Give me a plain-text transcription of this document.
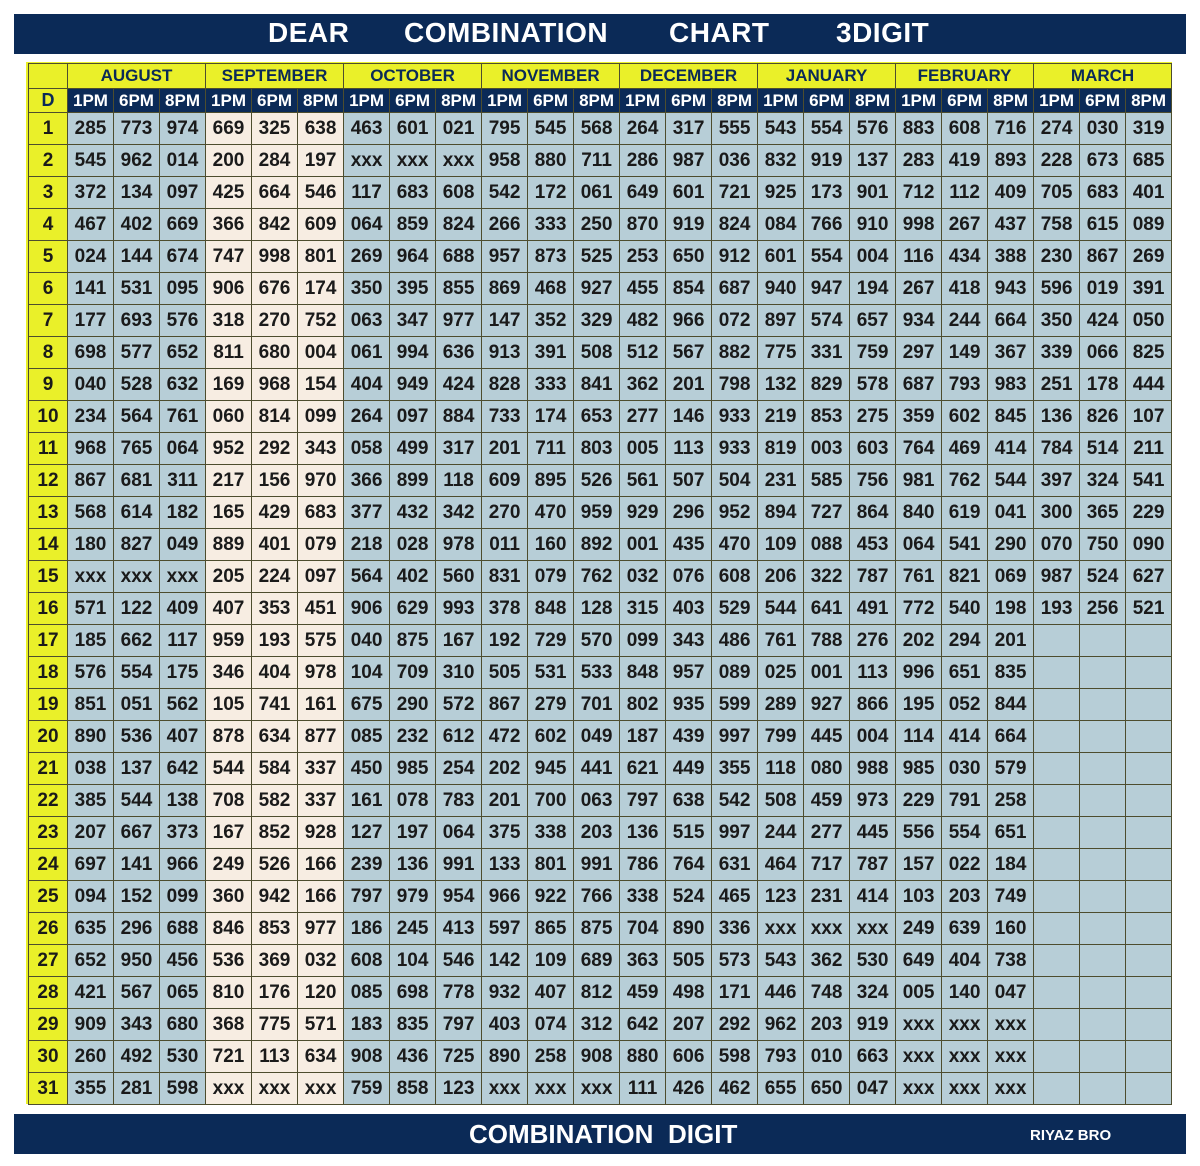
DEAR COMBINATION CHART 3DIGIT
	AUGUST			SEPTEMBER			OCTOBER			NOVEMBER			DECEMBER			JANUARY			FEBRUARY			MARCH		
D	1PM	6PM	8PM	1PM	6PM	8PM	1PM	6PM	8PM	1PM	6PM	8PM	1PM	6PM	8PM	1PM	6PM	8PM	1PM	6PM	8PM	1PM	6PM	8PM
1	285	773	974	669	325	638	463	601	021	795	545	568	264	317	555	543	554	576	883	608	716	274	030	319
2	545	962	014	200	284	197	xxx	xxx	xxx	958	880	711	286	987	036	832	919	137	283	419	893	228	673	685
3	372	134	097	425	664	546	117	683	608	542	172	061	649	601	721	925	173	901	712	112	409	705	683	401
4	467	402	669	366	842	609	064	859	824	266	333	250	870	919	824	084	766	910	998	267	437	758	615	089
5	024	144	674	747	998	801	269	964	688	957	873	525	253	650	912	601	554	004	116	434	388	230	867	269
6	141	531	095	906	676	174	350	395	855	869	468	927	455	854	687	940	947	194	267	418	943	596	019	391
7	177	693	576	318	270	752	063	347	977	147	352	329	482	966	072	897	574	657	934	244	664	350	424	050
8	698	577	652	811	680	004	061	994	636	913	391	508	512	567	882	775	331	759	297	149	367	339	066	825
9	040	528	632	169	968	154	404	949	424	828	333	841	362	201	798	132	829	578	687	793	983	251	178	444
10	234	564	761	060	814	099	264	097	884	733	174	653	277	146	933	219	853	275	359	602	845	136	826	107
11	968	765	064	952	292	343	058	499	317	201	711	803	005	113	933	819	003	603	764	469	414	784	514	211
12	867	681	311	217	156	970	366	899	118	609	895	526	561	507	504	231	585	756	981	762	544	397	324	541
13	568	614	182	165	429	683	377	432	342	270	470	959	929	296	952	894	727	864	840	619	041	300	365	229
14	180	827	049	889	401	079	218	028	978	011	160	892	001	435	470	109	088	453	064	541	290	070	750	090
15	xxx	xxx	xxx	205	224	097	564	402	560	831	079	762	032	076	608	206	322	787	761	821	069	987	524	627
16	571	122	409	407	353	451	906	629	993	378	848	128	315	403	529	544	641	491	772	540	198	193	256	521
17	185	662	117	959	193	575	040	875	167	192	729	570	099	343	486	761	788	276	202	294	201			
18	576	554	175	346	404	978	104	709	310	505	531	533	848	957	089	025	001	113	996	651	835			
19	851	051	562	105	741	161	675	290	572	867	279	701	802	935	599	289	927	866	195	052	844			
20	890	536	407	878	634	877	085	232	612	472	602	049	187	439	997	799	445	004	114	414	664			
21	038	137	642	544	584	337	450	985	254	202	945	441	621	449	355	118	080	988	985	030	579			
22	385	544	138	708	582	337	161	078	783	201	700	063	797	638	542	508	459	973	229	791	258			
23	207	667	373	167	852	928	127	197	064	375	338	203	136	515	997	244	277	445	556	554	651			
24	697	141	966	249	526	166	239	136	991	133	801	991	786	764	631	464	717	787	157	022	184			
25	094	152	099	360	942	166	797	979	954	966	922	766	338	524	465	123	231	414	103	203	749			
26	635	296	688	846	853	977	186	245	413	597	865	875	704	890	336	xxx	xxx	xxx	249	639	160			
27	652	950	456	536	369	032	608	104	546	142	109	689	363	505	573	543	362	530	649	404	738			
28	421	567	065	810	176	120	085	698	778	932	407	812	459	498	171	446	748	324	005	140	047			
29	909	343	680	368	775	571	183	835	797	403	074	312	642	207	292	962	203	919	xxx	xxx	xxx			
30	260	492	530	721	113	634	908	436	725	890	258	908	880	606	598	793	010	663	xxx	xxx	xxx			
31	355	281	598	xxx	xxx	xxx	759	858	123	xxx	xxx	xxx	111	426	462	655	650	047	xxx	xxx	xxx			
COMBINATION DIGIT	RIYAZ BRO
